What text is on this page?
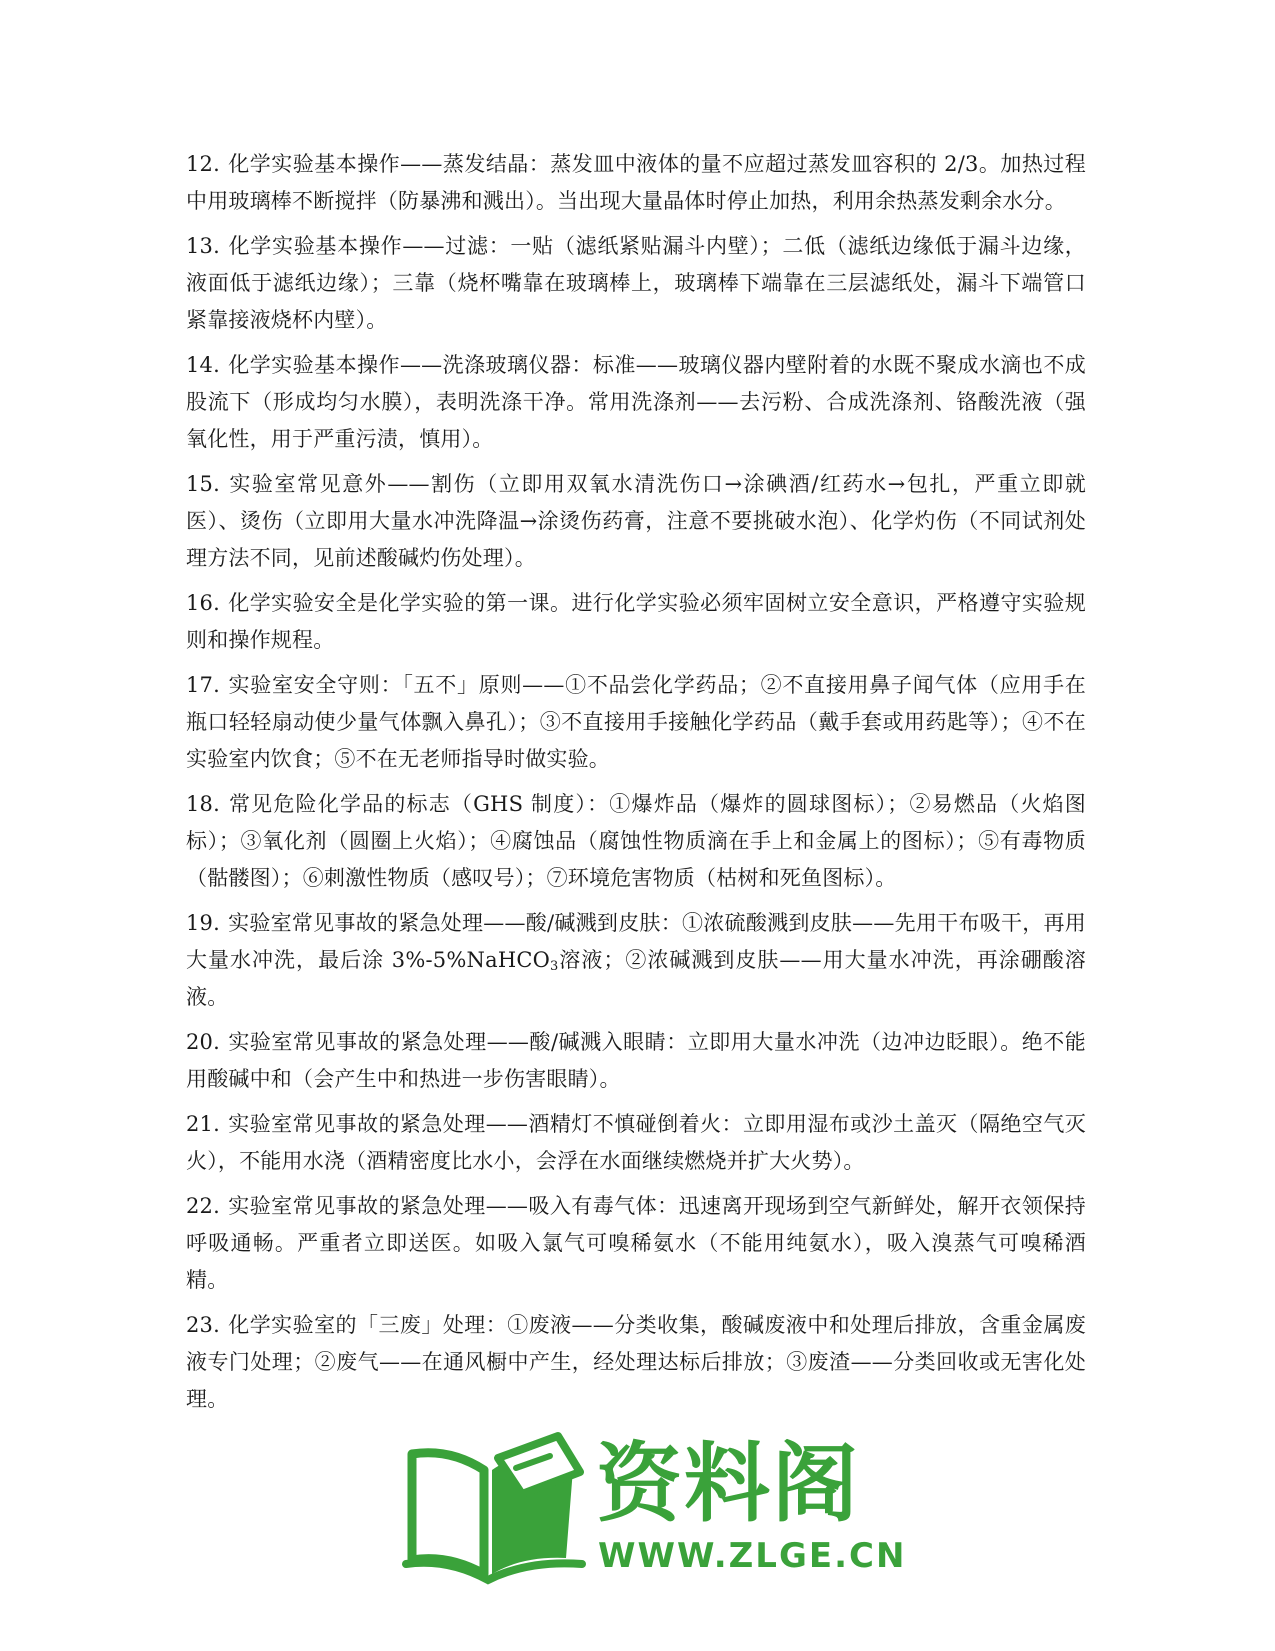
12. 化学实验基本操作——蒸发结晶：蒸发皿中液体的量不应超过蒸发皿容积的 2/3。加热过程中用玻璃棒不断搅拌（防暴沸和溅出）。当出现大量晶体时停止加热，利用余热蒸发剩余水分。

13. 化学实验基本操作——过滤：一贴（滤纸紧贴漏斗内壁）；二低（滤纸边缘低于漏斗边缘，液面低于滤纸边缘）；三靠（烧杯嘴靠在玻璃棒上，玻璃棒下端靠在三层滤纸处，漏斗下端管口紧靠接液烧杯内壁）。

14. 化学实验基本操作——洗涤玻璃仪器：标准——玻璃仪器内壁附着的水既不聚成水滴也不成股流下（形成均匀水膜），表明洗涤干净。常用洗涤剂——去污粉、合成洗涤剂、铬酸洗液（强氧化性，用于严重污渍，慎用）。

15. 实验室常见意外——割伤（立即用双氧水清洗伤口→涂碘酒/红药水→包扎，严重立即就医）、烫伤（立即用大量水冲洗降温→涂烫伤药膏，注意不要挑破水泡）、化学灼伤（不同试剂处理方法不同，见前述酸碱灼伤处理）。

16. 化学实验安全是化学实验的第一课。进行化学实验必须牢固树立安全意识，严格遵守实验规则和操作规程。

17. 实验室安全守则：「五不」原则——①不品尝化学药品；②不直接用鼻子闻气体（应用手在瓶口轻轻扇动使少量气体飘入鼻孔）；③不直接用手接触化学药品（戴手套或用药匙等）；④不在实验室内饮食；⑤不在无老师指导时做实验。

18. 常见危险化学品的标志（GHS 制度）：①爆炸品（爆炸的圆球图标）；②易燃品（火焰图标）；③氧化剂（圆圈上火焰）；④腐蚀品（腐蚀性物质滴在手上和金属上的图标）；⑤有毒物质（骷髅图）；⑥刺激性物质（感叹号）；⑦环境危害物质（枯树和死鱼图标）。

19. 实验室常见事故的紧急处理——酸/碱溅到皮肤：①浓硫酸溅到皮肤——先用干布吸干，再用大量水冲洗，最后涂 3%-5%NaHCO$_3$溶液；②浓碱溅到皮肤——用大量水冲洗，再涂硼酸溶液。

20. 实验室常见事故的紧急处理——酸/碱溅入眼睛：立即用大量水冲洗（边冲边眨眼）。绝不能用酸碱中和（会产生中和热进一步伤害眼睛）。

21. 实验室常见事故的紧急处理——酒精灯不慎碰倒着火：立即用湿布或沙土盖灭（隔绝空气灭火），不能用水浇（酒精密度比水小，会浮在水面继续燃烧并扩大火势）。

22. 实验室常见事故的紧急处理——吸入有毒气体：迅速离开现场到空气新鲜处，解开衣领保持呼吸通畅。严重者立即送医。如吸入氯气可嗅稀氨水（不能用纯氨水），吸入溴蒸气可嗅稀酒精。

23. 化学实验室的「三废」处理：①废液——分类收集，酸碱废液中和处理后排放，含重金属废液专门处理；②废气——在通风橱中产生，经处理达标后排放；③废渣——分类回收或无害化处理。

资料阁
WWW.ZLGE.CN
